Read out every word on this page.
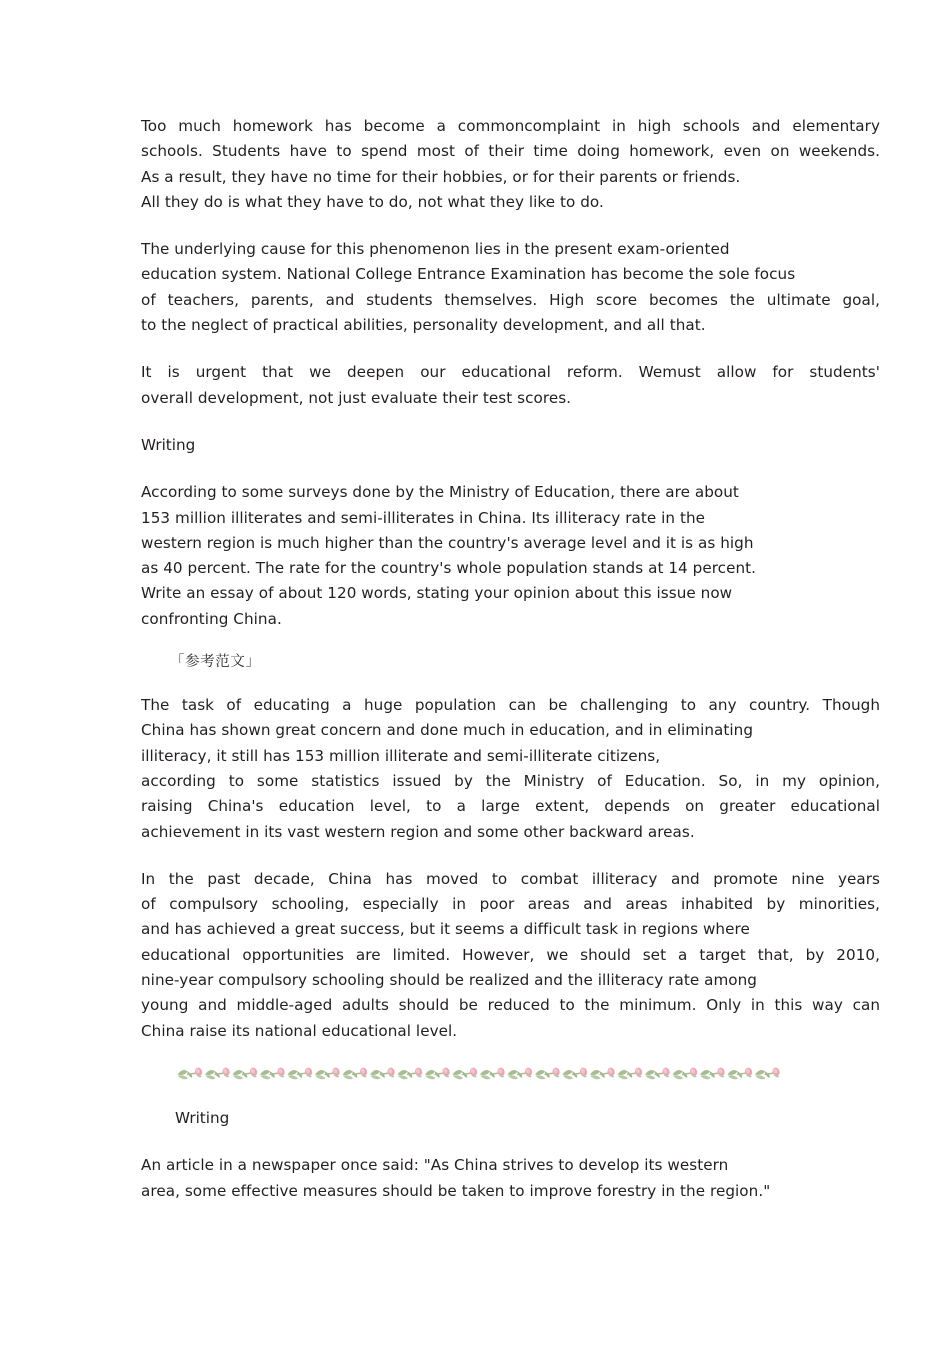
Too much homework has become a commoncomplaint in high schools and elementary
schools. Students have to spend most of their time doing homework, even on weekends.
As a result, they have no time for their hobbies, or for their parents or friends.
All they do is what they have to do, not what they like to do.
The underlying cause for this phenomenon lies in the present exam-oriented
education system. National College Entrance Examination has become the sole focus
of teachers, parents, and students themselves. High score becomes the ultimate goal,
to the neglect of practical abilities, personality development, and all that.
It is urgent that we deepen our educational reform. Wemust allow for students'
overall development, not just evaluate their test scores.
Writing
According to some surveys done by the Ministry of Education, there are about
153 million illiterates and semi-illiterates in China. Its illiteracy rate in the
western region is much higher than the country's average level and it is as high
as 40 percent. The rate for the country's whole population stands at 14 percent.
Write an essay of about 120 words, stating your opinion about this issue now
confronting China.
「参考范文」
The task of educating a huge population can be challenging to any country. Though
China has shown great concern and done much in education, and in eliminating
illiteracy, it still has 153 million illiterate and semi-illiterate citizens,
according to some statistics issued by the Ministry of Education. So, in my opinion,
raising China's education level, to a large extent, depends on greater educational
achievement in its vast western region and some other backward areas.
In the past decade, China has moved to combat illiteracy and promote nine years
of compulsory schooling, especially in poor areas and areas inhabited by minorities,
and has achieved a great success, but it seems a difficult task in regions where
educational opportunities are limited. However, we should set a target that, by 2010,
nine-year compulsory schooling should be realized and the illiteracy rate among
young and middle-aged adults should be reduced to the minimum. Only in this way can
China raise its national educational level.
Writing
An article in a newspaper once said: "As China strives to develop its western
area, some effective measures should be taken to improve forestry in the region."
